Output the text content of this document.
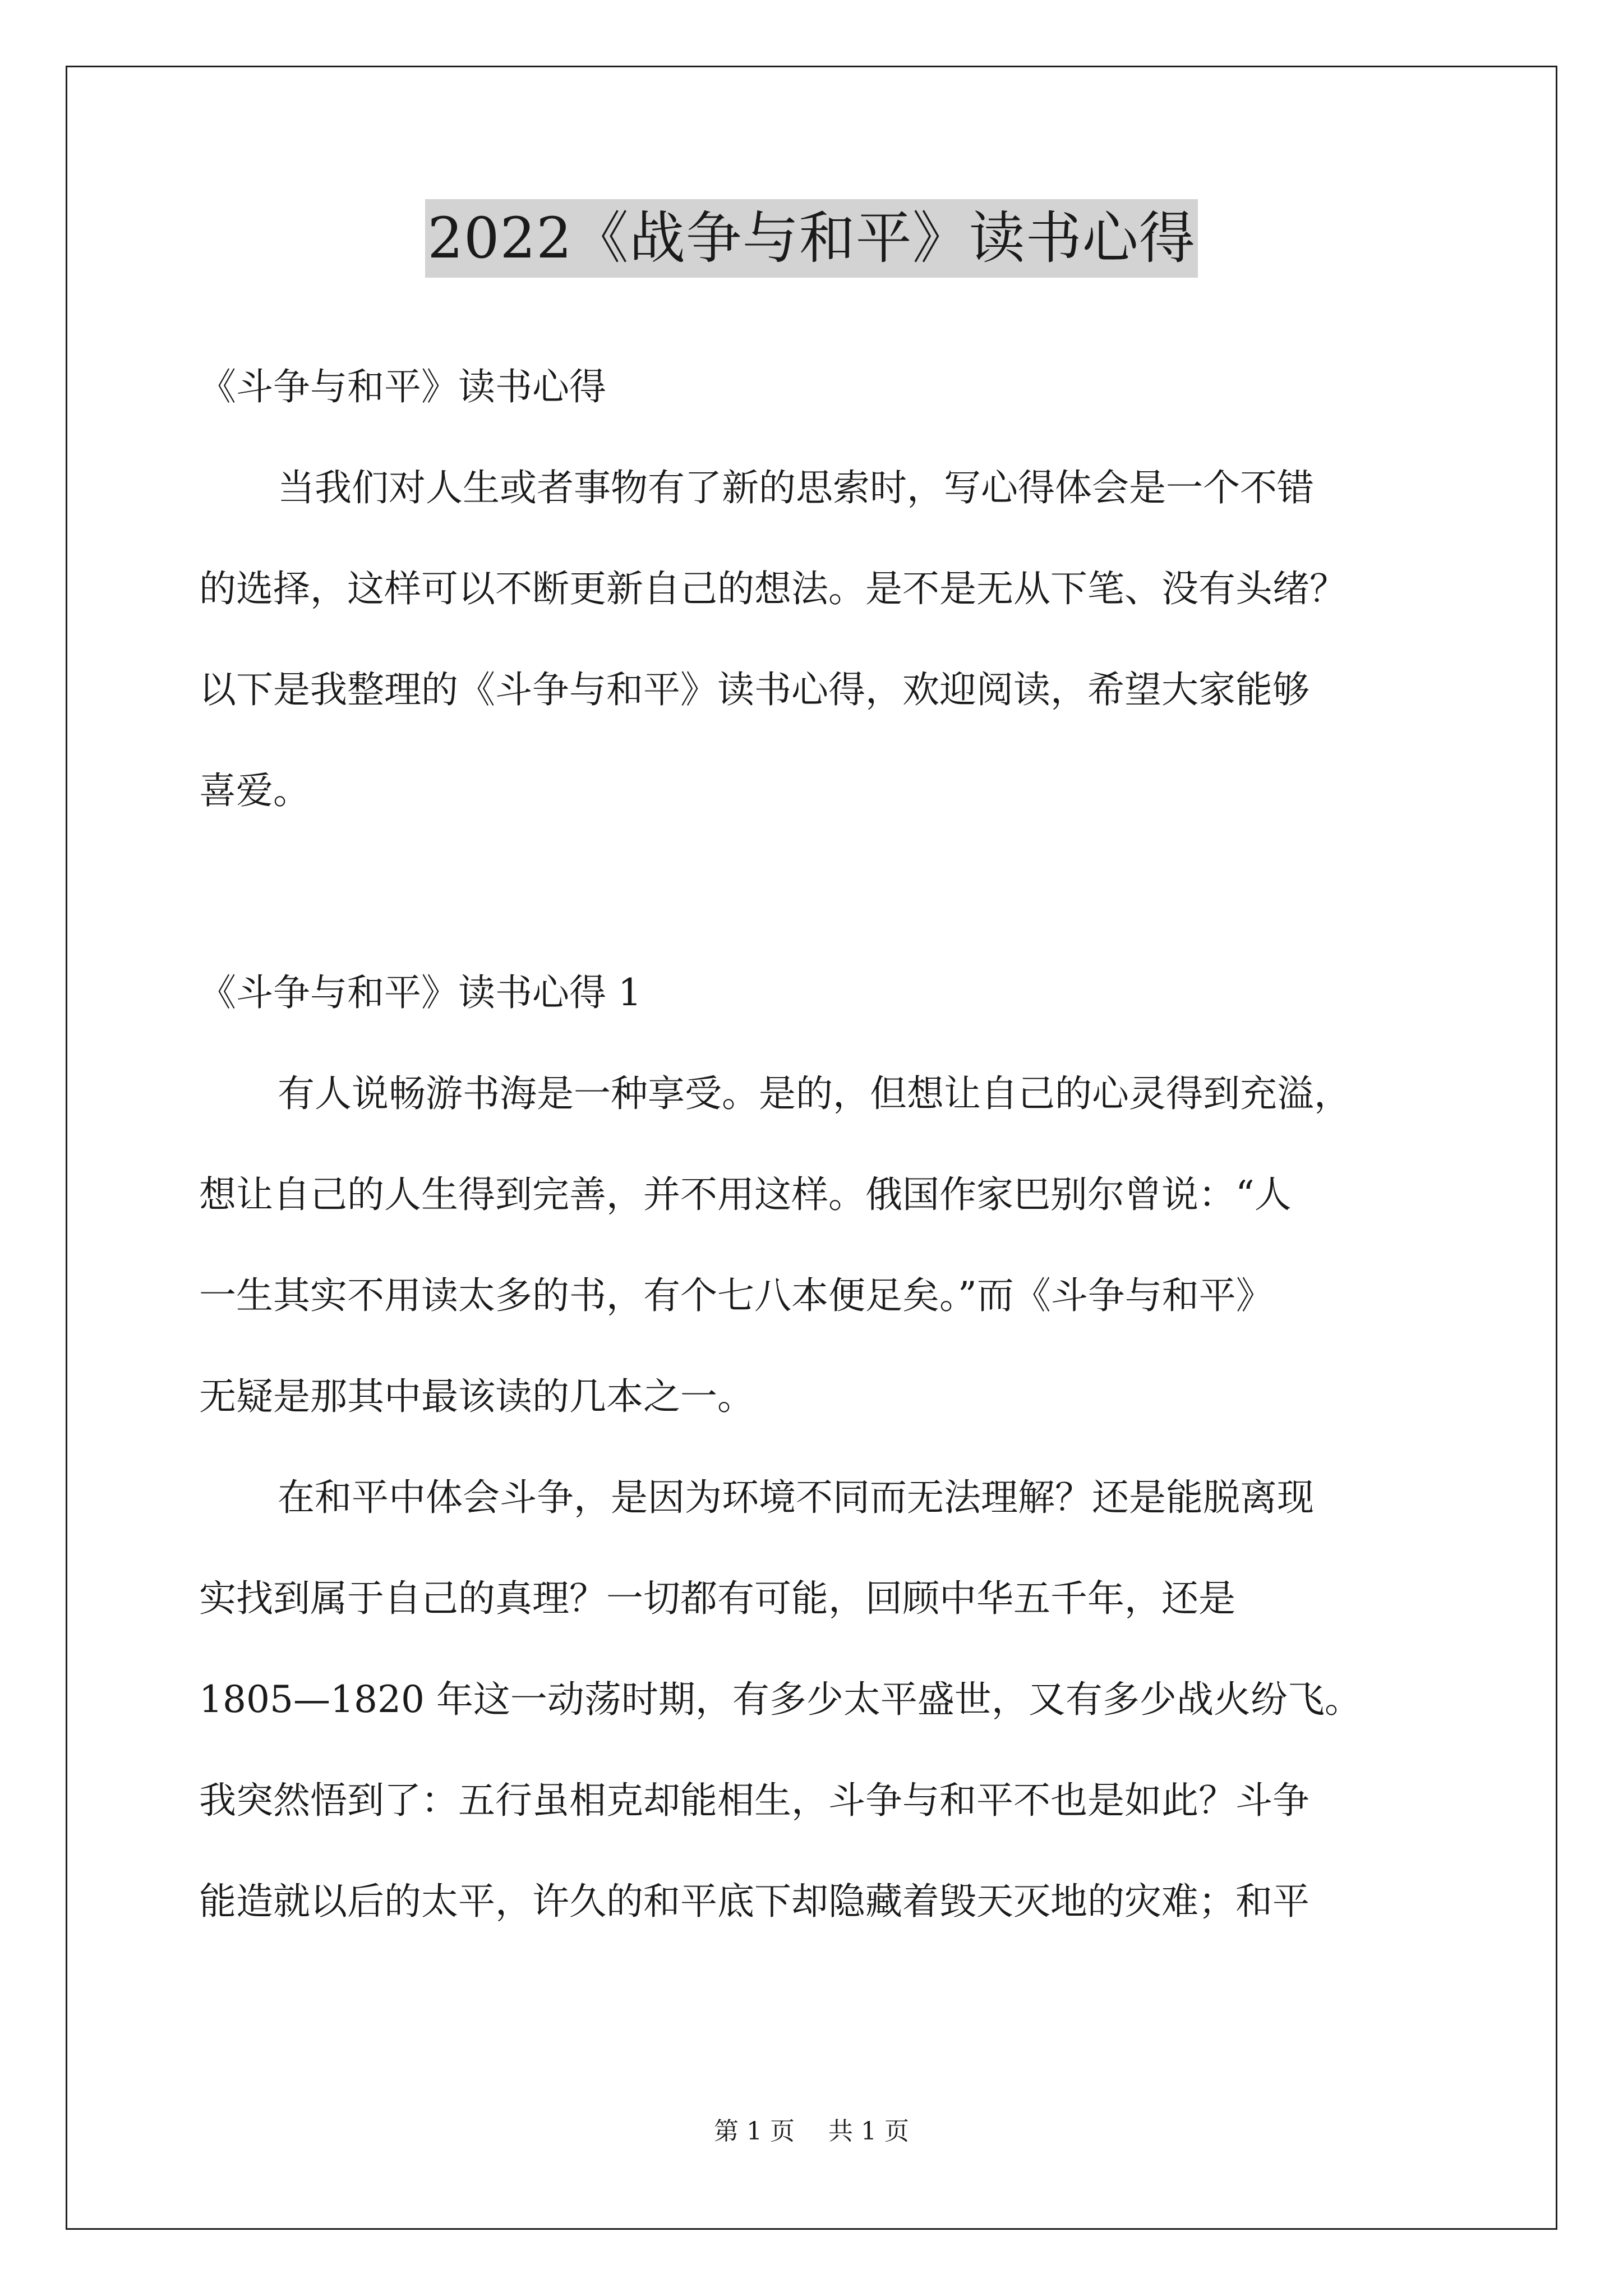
2022《战争与和平》读书心得
《斗争与和平》读书心得
当我们对人生或者事物有了新的思索时，写心得体会是一个不错
的选择，这样可以不断更新自己的想法。是不是无从下笔、没有头绪？
以下是我整理的《斗争与和平》读书心得，欢迎阅读，希望大家能够
喜爱。
《斗争与和平》读书心得 1
有人说畅游书海是一种享受。是的，但想让自己的心灵得到充溢，
想让自己的人生得到完善，并不用这样。俄国作家巴别尔曾说：“人
一生其实不用读太多的书，有个七八本便足矣。”而《斗争与和平》
无疑是那其中最该读的几本之一。
在和平中体会斗争，是因为环境不同而无法理解？还是能脱离现
实找到属于自己的真理？一切都有可能，回顾中华五千年，还是
1805—1820 年这一动荡时期，有多少太平盛世，又有多少战火纷飞。
我突然悟到了：五行虽相克却能相生，斗争与和平不也是如此？斗争
能造就以后的太平，许久的和平底下却隐藏着毁天灭地的灾难；和平
第 1 页 共 1 页
